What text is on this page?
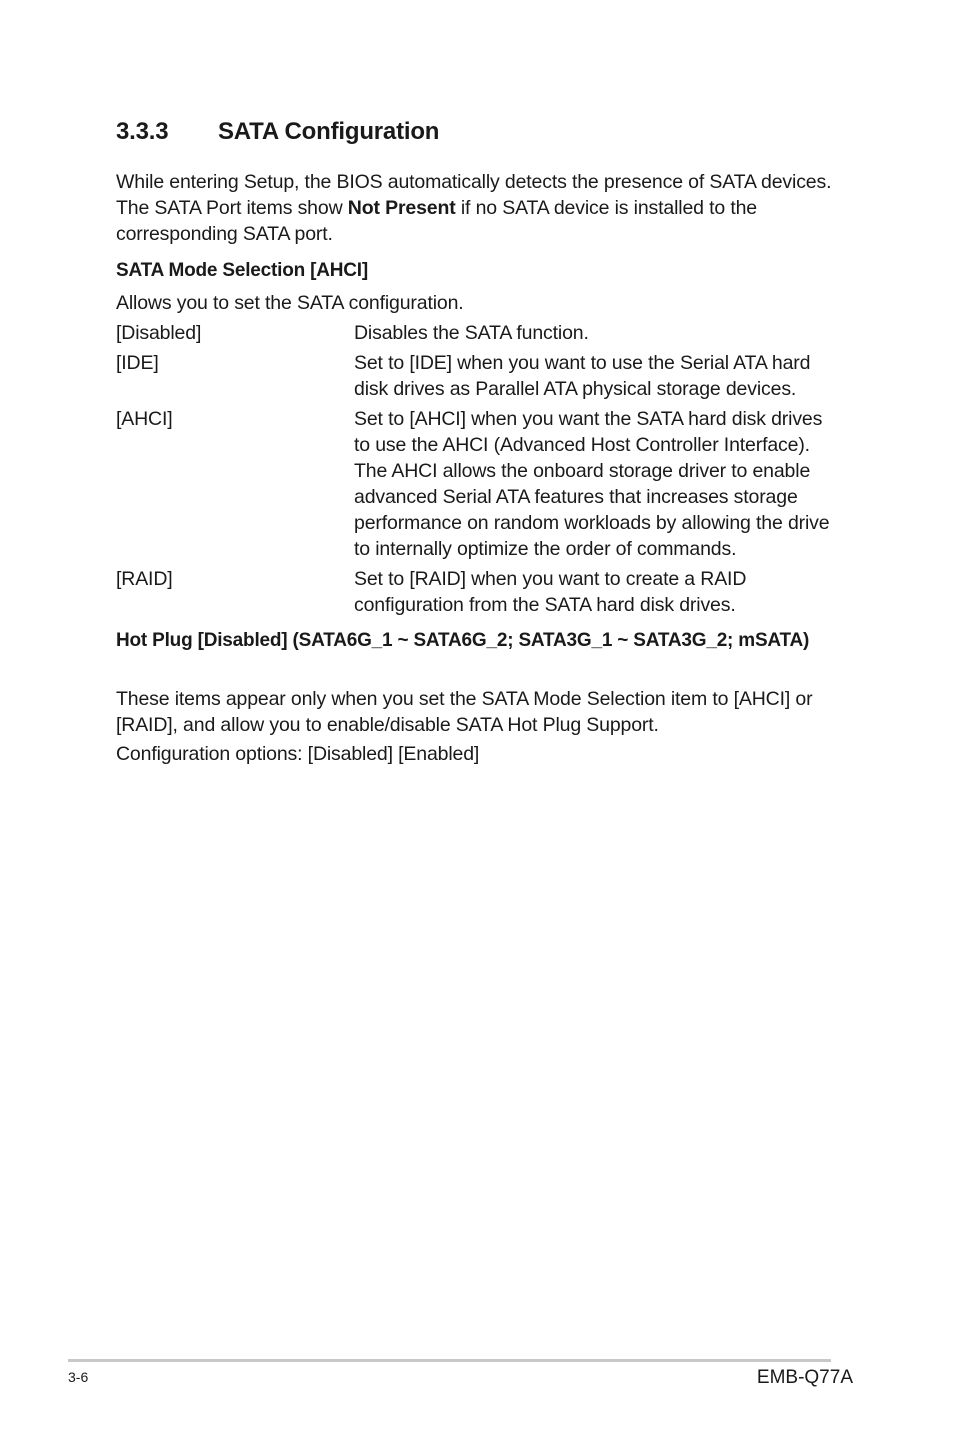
3.3.3 SATA Configuration
While entering Setup, the BIOS automatically detects the presence of SATA devices. The SATA Port items show Not Present if no SATA device is installed to the corresponding SATA port.
SATA Mode Selection [AHCI]
Allows you to set the SATA configuration.
[Disabled]	Disables the SATA function.
[IDE]	Set to [IDE] when you want to use the Serial ATA hard disk drives as Parallel ATA physical storage devices.
[AHCI]	Set to [AHCI] when you want the SATA hard disk drives to use the AHCI (Advanced Host Controller Interface). The AHCI allows the onboard storage driver to enable advanced Serial ATA features that increases storage performance on random workloads by allowing the drive to internally optimize the order of commands.
[RAID]	Set to [RAID] when you want to create a RAID configuration from the SATA hard disk drives.
Hot Plug [Disabled] (SATA6G_1 ~ SATA6G_2; SATA3G_1 ~ SATA3G_2; mSATA)
These items appear only when you set the SATA Mode Selection item to [AHCI] or [RAID], and allow you to enable/disable SATA Hot Plug Support.
Configuration options: [Disabled] [Enabled]
3-6	EMB-Q77A
